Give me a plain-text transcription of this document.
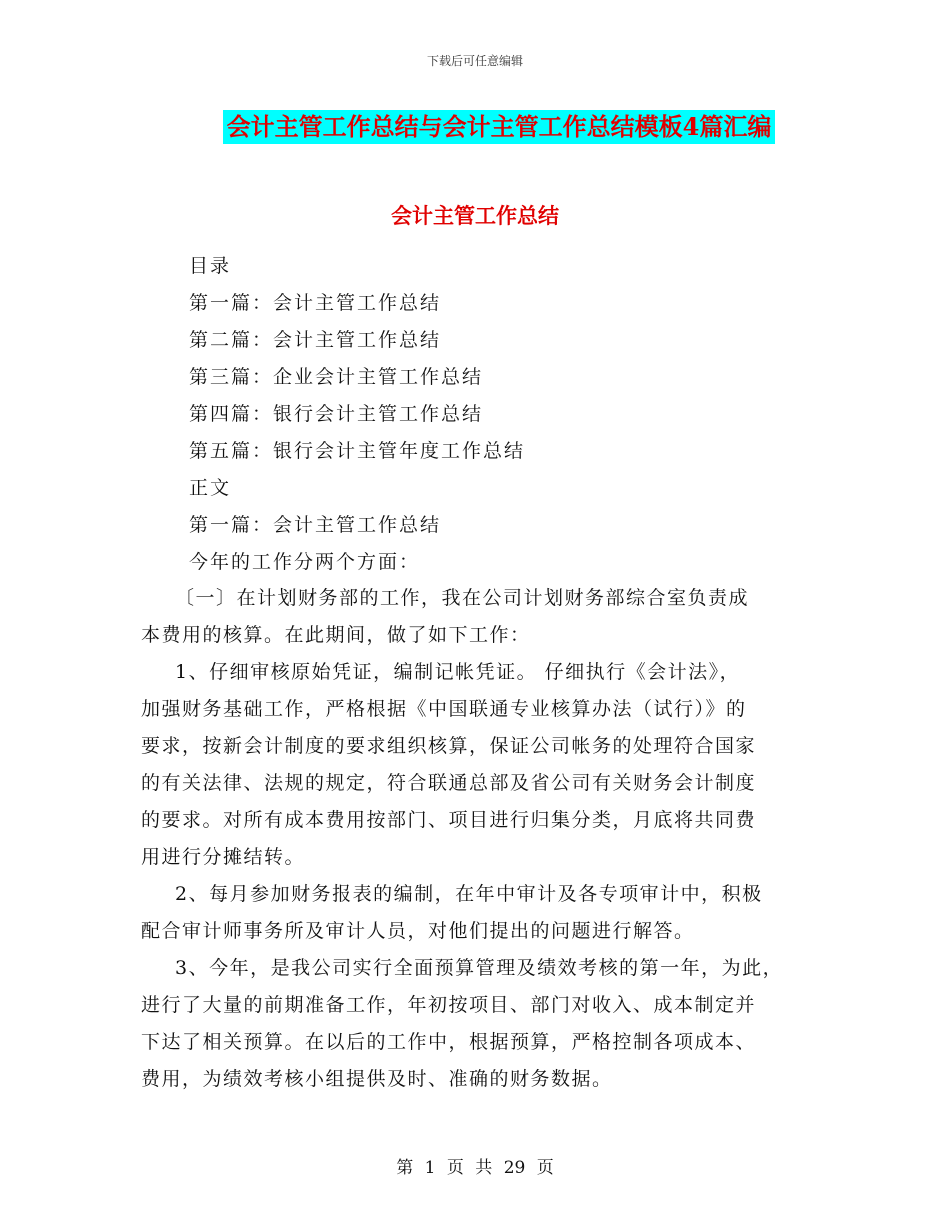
下载后可任意编辑
会计主管工作总结与会计主管工作总结模板4篇汇编
会计主管工作总结
目录
第一篇：会计主管工作总结
第二篇：会计主管工作总结
第三篇：企业会计主管工作总结
第四篇：银行会计主管工作总结
第五篇：银行会计主管年度工作总结
正文
第一篇：会计主管工作总结
今年的工作分两个方面：
〔一〕在计划财务部的工作，我在公司计划财务部综合室负责成
本费用的核算。在此期间，做了如下工作：
1、仔细审核原始凭证，编制记帐凭证。 仔细执行《会计法》，
加强财务基础工作，严格根据《中国联通专业核算办法（试行）》的
要求，按新会计制度的要求组织核算，保证公司帐务的处理符合国家
的有关法律、法规的规定，符合联通总部及省公司有关财务会计制度
的要求。对所有成本费用按部门、项目进行归集分类，月底将共同费
用进行分摊结转。
2、每月参加财务报表的编制，在年中审计及各专项审计中，积极
配合审计师事务所及审计人员，对他们提出的问题进行解答。
3、今年，是我公司实行全面预算管理及绩效考核的第一年，为此，
进行了大量的前期准备工作，年初按项目、部门对收入、成本制定并
下达了相关预算。在以后的工作中，根据预算，严格控制各项成本、
费用，为绩效考核小组提供及时、准确的财务数据。
第 1 页 共 29 页
